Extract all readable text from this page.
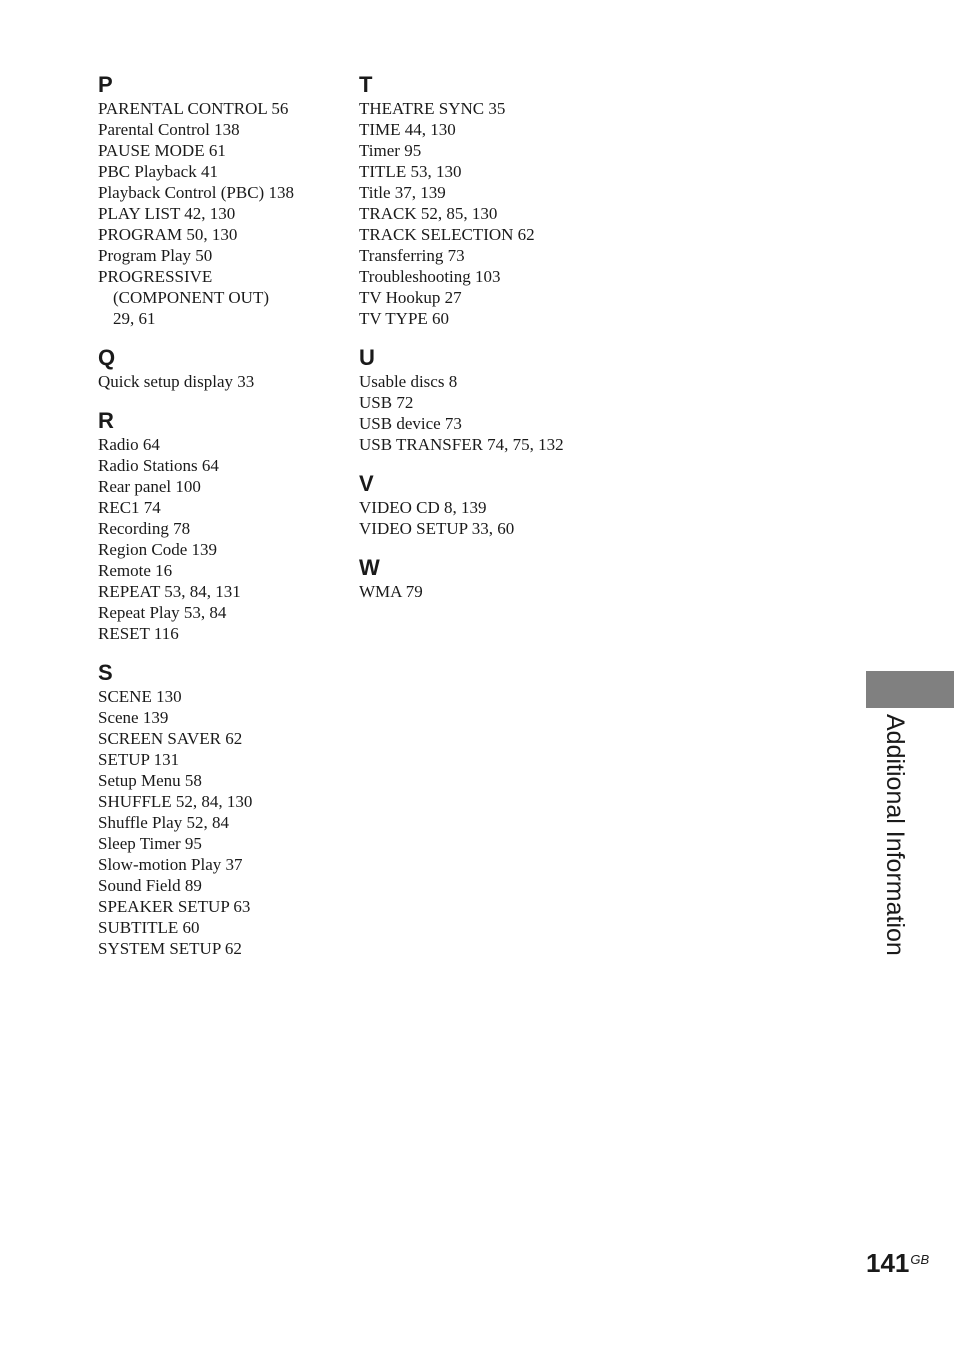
P
PARENTAL CONTROL 56
Parental Control 138
PAUSE MODE 61
PBC Playback 41
Playback Control (PBC) 138
PLAY LIST 42, 130
PROGRAM 50, 130
Program Play 50
PROGRESSIVE
(COMPONENT OUT)
29, 61
Q
Quick setup display 33
R
Radio 64
Radio Stations 64
Rear panel 100
REC1 74
Recording 78
Region Code 139
Remote 16
REPEAT 53, 84, 131
Repeat Play 53, 84
RESET 116
S
SCENE 130
Scene 139
SCREEN SAVER 62
SETUP 131
Setup Menu 58
SHUFFLE 52, 84, 130
Shuffle Play 52, 84
Sleep Timer 95
Slow-motion Play 37
Sound Field 89
SPEAKER SETUP 63
SUBTITLE 60
SYSTEM SETUP 62
T
THEATRE SYNC 35
TIME 44, 130
Timer 95
TITLE 53, 130
Title 37, 139
TRACK 52, 85, 130
TRACK SELECTION 62
Transferring 73
Troubleshooting 103
TV Hookup 27
TV TYPE 60
U
Usable discs 8
USB 72
USB device 73
USB TRANSFER 74, 75, 132
V
VIDEO CD 8, 139
VIDEO SETUP 33, 60
W
WMA 79
Additional Information
$141^{GB}$
